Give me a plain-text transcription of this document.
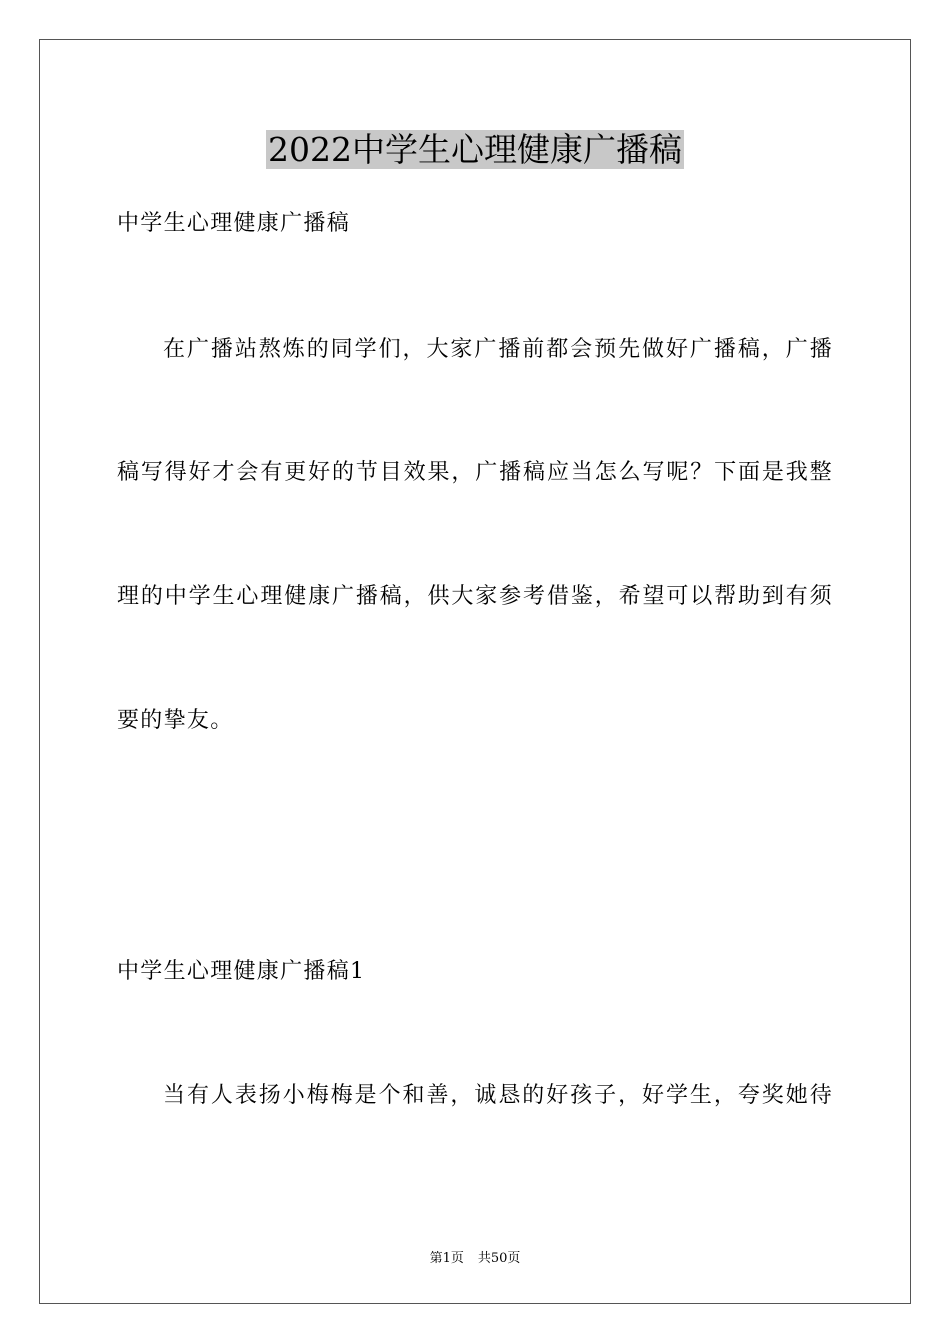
2022中学生心理健康广播稿
中学生心理健康广播稿
在广播站熬炼的同学们，大家广播前都会预先做好广播稿，广播
稿写得好才会有更好的节目效果，广播稿应当怎么写呢？下面是我整
理的中学生心理健康广播稿，供大家参考借鉴，希望可以帮助到有须
要的挚友。
中学生心理健康广播稿1
当有人表扬小梅梅是个和善，诚恳的好孩子，好学生，夸奖她待
第1页 共50页
